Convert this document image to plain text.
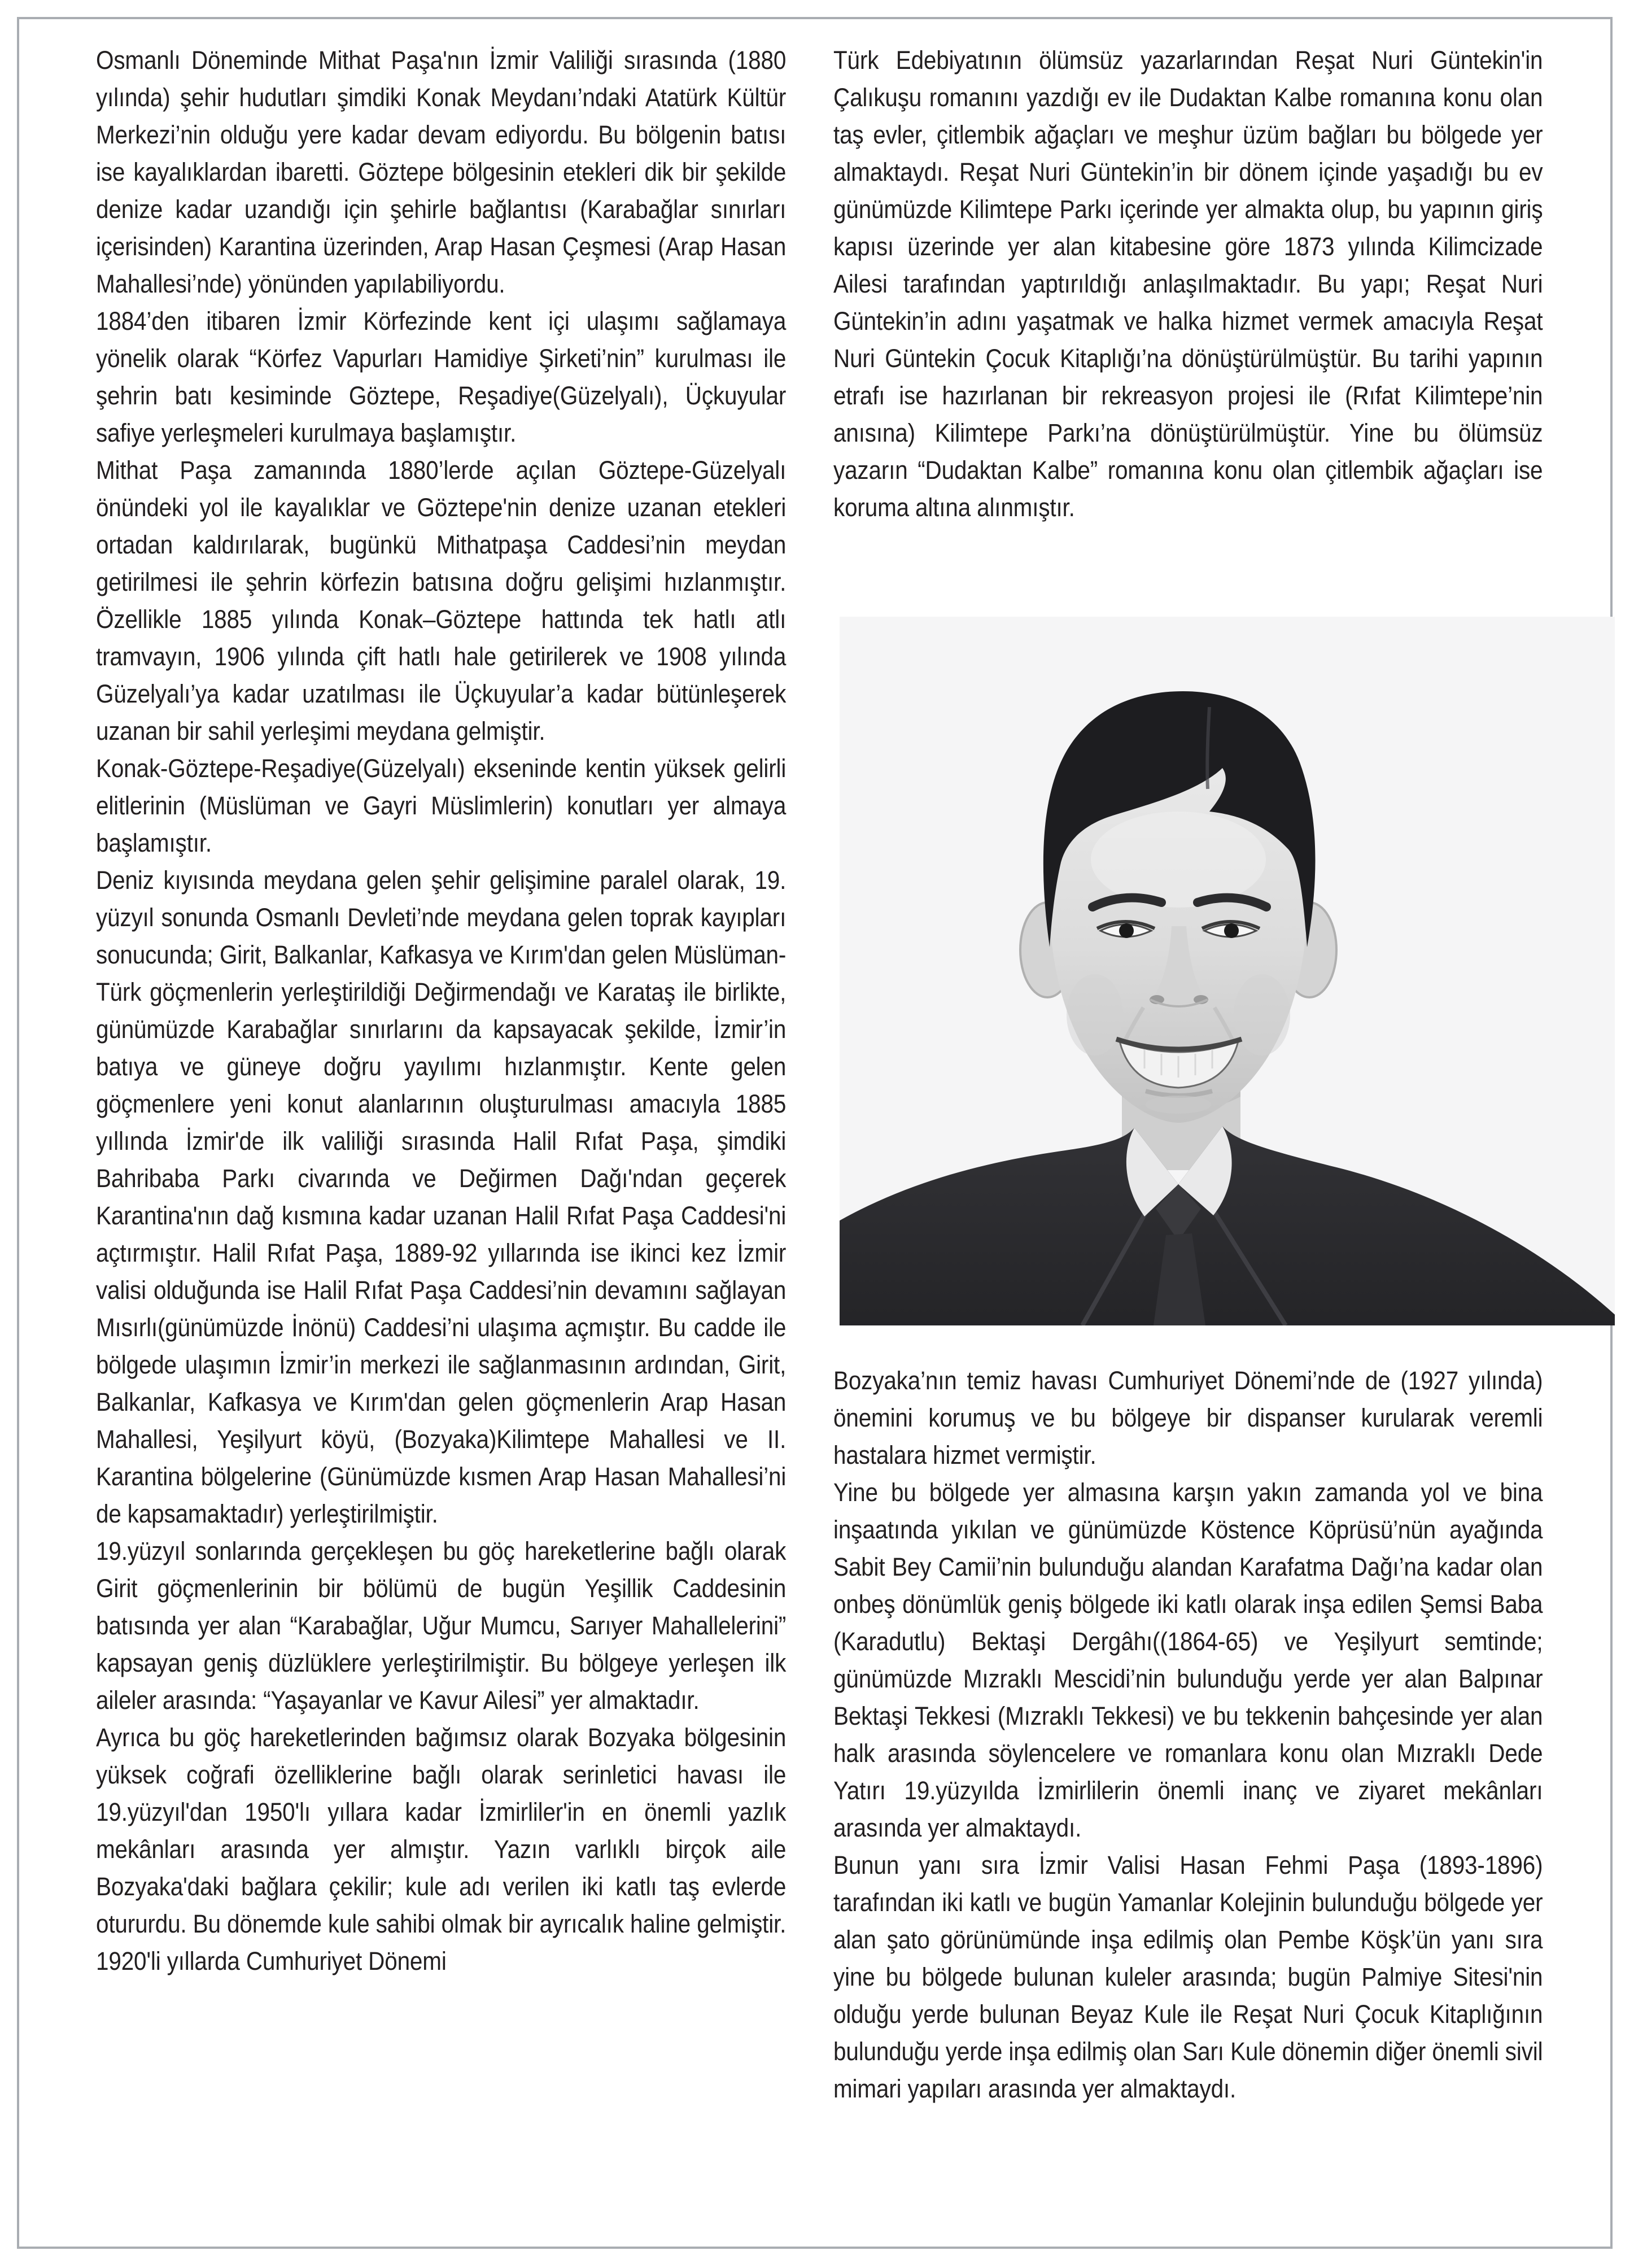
Osmanlı Döneminde Mithat Paşa'nın İzmir Valiliği sırasında (1880 yılında) şehir hudutları şimdiki Konak Meydanı’ndaki Atatürk Kültür Merkezi’nin olduğu yere kadar devam ediyordu. Bu bölgenin batısı ise kayalıklardan ibaretti. Göztepe bölgesinin etekleri dik bir şekilde denize kadar uzandığı için şehirle bağlantısı (Karabağlar sınırları içerisinden) Karantina üzerinden, Arap Hasan Çeşmesi (Arap Hasan Mahallesi’nde) yönünden yapılabiliyordu.

1884’den itibaren İzmir Körfezinde kent içi ulaşımı sağlamaya yönelik olarak “Körfez Vapurları Hamidiye Şirketi’nin” kurulması ile şehrin batı kesiminde Göztepe, Reşadiye(Güzelyalı), Üçkuyular safiye yerleşmeleri kurulmaya başlamıştır.

Mithat Paşa zamanında 1880’lerde açılan Göztepe-Güzelyalı önündeki yol ile kayalıklar ve Göztepe'nin denize uzanan etekleri ortadan kaldırılarak, bugünkü Mithatpaşa Caddesi’nin meydan getirilmesi ile şehrin körfezin batısına doğru gelişimi hızlanmıştır. Özellikle 1885 yılında Konak–Göztepe hattında tek hatlı atlı tramvayın, 1906 yılında çift hatlı hale getirilerek ve 1908 yılında Güzelyalı’ya kadar uzatılması ile Üçkuyular’a kadar bütünleşerek uzanan bir sahil yerleşimi meydana gelmiştir.

Konak-Göztepe-Reşadiye(Güzelyalı) ekseninde kentin yüksek gelirli elitlerinin (Müslüman ve Gayri Müslimlerin) konutları yer almaya başlamıştır.

Deniz kıyısında meydana gelen şehir gelişimine paralel olarak, 19. yüzyıl sonunda Osmanlı Devleti’nde meydana gelen toprak kayıpları sonucunda; Girit, Balkanlar, Kafkasya ve Kırım'dan gelen Müslüman-Türk göçmenlerin yerleştirildiği Değirmendağı ve Karataş ile birlikte, günümüzde Karabağlar sınırlarını da kapsayacak şekilde, İzmir’in batıya ve güneye doğru yayılımı hızlanmıştır. Kente gelen göçmenlere yeni konut alanlarının oluşturulması amacıyla 1885 yıllında İzmir'de ilk valiliği sırasında Halil Rıfat Paşa, şimdiki Bahribaba Parkı civarında ve Değirmen Dağı'ndan geçerek Karantina'nın dağ kısmına kadar uzanan Halil Rıfat Paşa Caddesi'ni açtırmıştır. Halil Rıfat Paşa, 1889-92 yıllarında ise ikinci kez İzmir valisi olduğunda ise Halil Rıfat Paşa Caddesi’nin devamını sağlayan Mısırlı(günümüzde İnönü) Caddesi’ni ulaşıma açmıştır. Bu cadde ile bölgede ulaşımın İzmir’in merkezi ile sağlanmasının ardından, Girit, Balkanlar, Kafkasya ve Kırım'dan gelen göçmenlerin Arap Hasan Mahallesi, Yeşilyurt köyü, (Bozyaka)Kilimtepe Mahallesi ve II. Karantina bölgelerine (Günümüzde kısmen Arap Hasan Mahallesi’ni de kapsamaktadır) yerleştirilmiştir.

19.yüzyıl sonlarında gerçekleşen bu göç hareketlerine bağlı olarak Girit göçmenlerinin bir bölümü de bugün Yeşillik Caddesinin batısında yer alan “Karabağlar, Uğur Mumcu, Sarıyer Mahallelerini” kapsayan geniş düzlüklere yerleştirilmiştir. Bu bölgeye yerleşen ilk aileler arasında: “Yaşayanlar ve Kavur Ailesi” yer almaktadır.

Ayrıca bu göç hareketlerinden bağımsız olarak Bozyaka bölgesinin yüksek coğrafi özelliklerine bağlı olarak serinletici havası ile 19.yüzyıl'dan 1950'lı yıllara kadar İzmirliler'in en önemli yazlık mekânları arasında yer almıştır. Yazın varlıklı birçok aile Bozyaka'daki bağlara çekilir; kule adı verilen iki katlı taş evlerde otururdu. Bu dönemde kule sahibi olmak bir ayrıcalık haline gelmiştir. 1920'li yıllarda Cumhuriyet Dönemi

Türk Edebiyatının ölümsüz yazarlarından Reşat Nuri Güntekin'in Çalıkuşu romanını yazdığı ev ile Dudaktan Kalbe romanına konu olan taş evler, çitlembik ağaçları ve meşhur üzüm bağları bu bölgede yer almaktaydı. Reşat Nuri Güntekin’in bir dönem içinde yaşadığı bu ev günümüzde Kilimtepe Parkı içerinde yer almakta olup, bu yapının giriş kapısı üzerinde yer alan kitabesine göre 1873 yılında Kilimcizade Ailesi tarafından yaptırıldığı anlaşılmaktadır. Bu yapı; Reşat Nuri Güntekin’in adını yaşatmak ve halka hizmet vermek amacıyla Reşat Nuri Güntekin Çocuk Kitaplığı’na dönüştürülmüştür. Bu tarihi yapının etrafı ise hazırlanan bir rekreasyon projesi ile (Rıfat Kilimtepe’nin anısına) Kilimtepe Parkı’na dönüştürülmüştür. Yine bu ölümsüz yazarın “Dudaktan Kalbe” romanına konu olan çitlembik ağaçları ise koruma altına alınmıştır.

Bozyaka’nın temiz havası Cumhuriyet Dönemi’nde de (1927 yılında) önemini korumuş ve bu bölgeye bir dispanser kurularak veremli hastalara hizmet vermiştir.

Yine bu bölgede yer almasına karşın yakın zamanda yol ve bina inşaatında yıkılan ve günümüzde Köstence Köprüsü’nün ayağında Sabit Bey Camii’nin bulunduğu alandan Karafatma Dağı’na kadar olan onbeş dönümlük geniş bölgede iki katlı olarak inşa edilen Şemsi Baba (Karadutlu) Bektaşi Dergâhı((1864-65) ve Yeşilyurt semtinde; günümüzde Mızraklı Mescidi’nin bulunduğu yerde yer alan Balpınar Bektaşi Tekkesi (Mızraklı Tekkesi) ve bu tekkenin bahçesinde yer alan halk arasında söylencelere ve romanlara konu olan Mızraklı Dede Yatırı 19.yüzyılda İzmirlilerin önemli inanç ve ziyaret mekânları arasında yer almaktaydı.

Bunun yanı sıra İzmir Valisi Hasan Fehmi Paşa (1893-1896) tarafından iki katlı ve bugün Yamanlar Kolejinin bulunduğu bölgede yer alan şato görünümünde inşa edilmiş olan Pembe Köşk’ün yanı sıra yine bu bölgede bulunan kuleler arasında; bugün Palmiye Sitesi'nin olduğu yerde bulunan Beyaz Kule ile Reşat Nuri Çocuk Kitaplığının bulunduğu yerde inşa edilmiş olan Sarı Kule dönemin diğer önemli sivil mimari yapıları arasında yer almaktaydı.
